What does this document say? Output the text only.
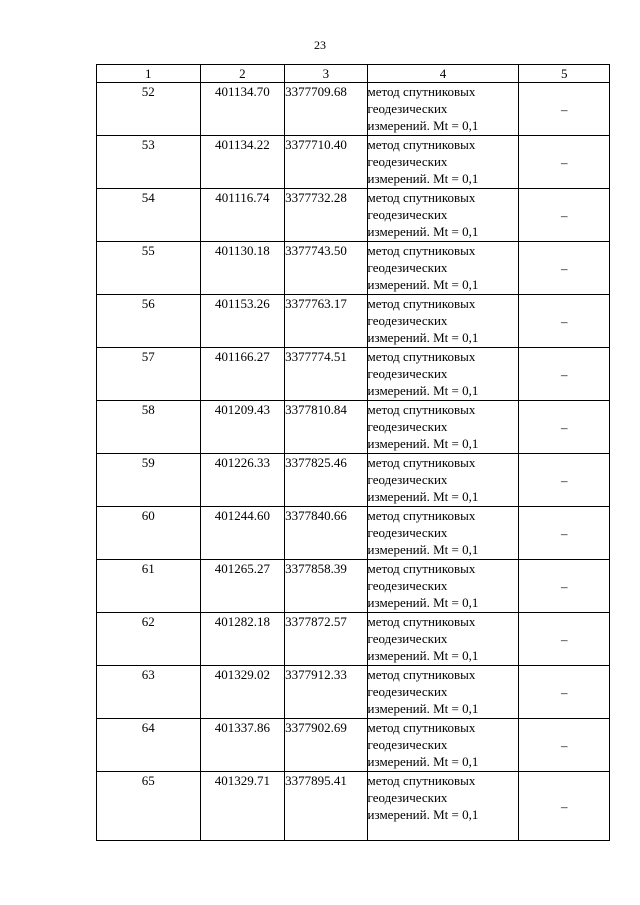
23
1	2	3	4	5
52	401134.70	3377709.68	метод спутниковых
геодезических
измерений. Mt = 0,1	–
53	401134.22	3377710.40	метод спутниковых
геодезических
измерений. Mt = 0,1	–
54	401116.74	3377732.28	метод спутниковых
геодезических
измерений. Mt = 0,1	–
55	401130.18	3377743.50	метод спутниковых
геодезических
измерений. Mt = 0,1	–
56	401153.26	3377763.17	метод спутниковых
геодезических
измерений. Mt = 0,1	–
57	401166.27	3377774.51	метод спутниковых
геодезических
измерений. Mt = 0,1	–
58	401209.43	3377810.84	метод спутниковых
геодезических
измерений. Mt = 0,1	–
59	401226.33	3377825.46	метод спутниковых
геодезических
измерений. Mt = 0,1	–
60	401244.60	3377840.66	метод спутниковых
геодезических
измерений. Mt = 0,1	–
61	401265.27	3377858.39	метод спутниковых
геодезических
измерений. Mt = 0,1	–
62	401282.18	3377872.57	метод спутниковых
геодезических
измерений. Mt = 0,1	–
63	401329.02	3377912.33	метод спутниковых
геодезических
измерений. Mt = 0,1	–
64	401337.86	3377902.69	метод спутниковых
геодезических
измерений. Mt = 0,1	–
65	401329.71	3377895.41	метод спутниковых
геодезических
измерений. Mt = 0,1	–
